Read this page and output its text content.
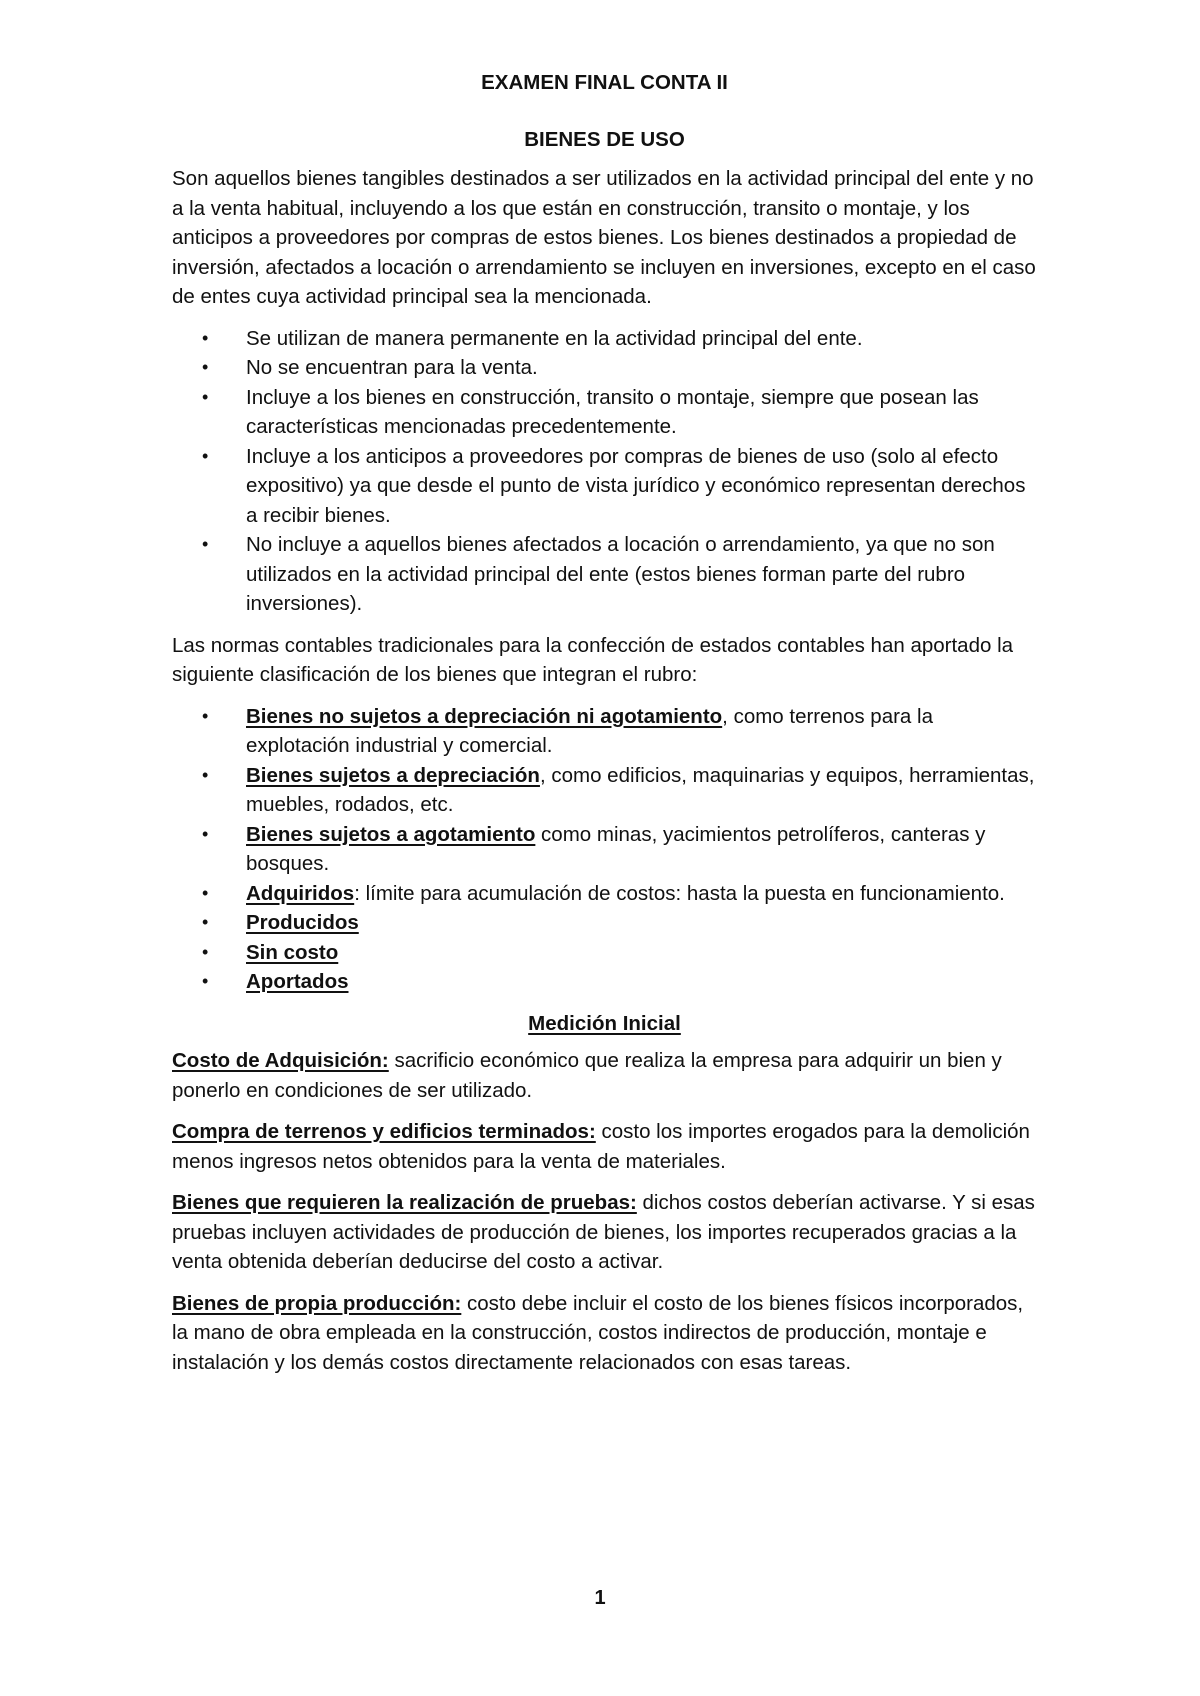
EXAMEN FINAL CONTA II
BIENES DE USO

Son aquellos bienes tangibles destinados a ser utilizados en la actividad principal del ente y no a la venta habitual, incluyendo a los que están en construcción, transito o montaje, y los anticipos a proveedores por compras de estos bienes. Los bienes destinados a propiedad de inversión, afectados a locación o arrendamiento se incluyen en inversiones, excepto en el caso de entes cuya actividad principal sea la mencionada.

• Se utilizan de manera permanente en la actividad principal del ente.
• No se encuentran para la venta.
• Incluye a los bienes en construcción, transito o montaje, siempre que posean las características mencionadas precedentemente.
• Incluye a los anticipos a proveedores por compras de bienes de uso (solo al efecto expositivo) ya que desde el punto de vista jurídico y económico representan derechos a recibir bienes.
• No incluye a aquellos bienes afectados a locación o arrendamiento, ya que no son utilizados en la actividad principal del ente (estos bienes forman parte del rubro inversiones).

Las normas contables tradicionales para la confección de estados contables han aportado la siguiente clasificación de los bienes que integran el rubro:

• Bienes no sujetos a depreciación ni agotamiento, como terrenos para la explotación industrial y comercial.
• Bienes sujetos a depreciación, como edificios, maquinarias y equipos, herramientas, muebles, rodados, etc.
• Bienes sujetos a agotamiento como minas, yacimientos petrolíferos, canteras y bosques.
• Adquiridos: límite para acumulación de costos: hasta la puesta en funcionamiento.
• Producidos
• Sin costo
• Aportados
Medición Inicial

Costo de Adquisición: sacrificio económico que realiza la empresa para adquirir un bien y ponerlo en condiciones de ser utilizado.

Compra de terrenos y edificios terminados: costo los importes erogados para la demolición menos ingresos netos obtenidos para la venta de materiales.

Bienes que requieren la realización de pruebas: dichos costos deberían activarse. Y si esas pruebas incluyen actividades de producción de bienes, los importes recuperados gracias a la venta obtenida deberían deducirse del costo a activar.

Bienes de propia producción: costo debe incluir el costo de los bienes físicos incorporados, la mano de obra empleada en la construcción, costos indirectos de producción, montaje e instalación y los demás costos directamente relacionados con esas tareas.

1
